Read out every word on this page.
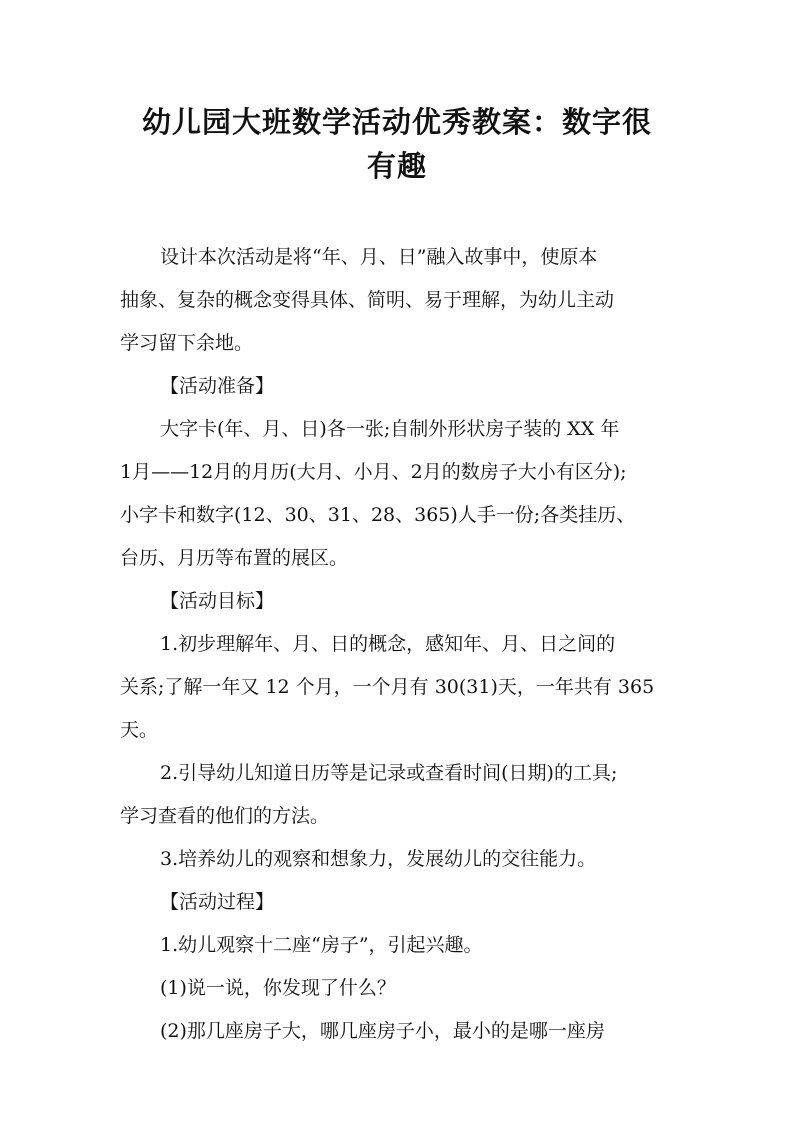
幼儿园大班数学活动优秀教案：数字很
有趣

设计本次活动是将“年、月、日”融入故事中，使原本

抽象、复杂的概念变得具体、简明、易于理解，为幼儿主动

学习留下余地。

【活动准备】

大字卡(年、月、日)各一张;自制外形状房子装的 XX 年

1月——12月的月历(大月、小月、2月的数房子大小有区分);

小字卡和数字(12、30、31、28、365)人手一份;各类挂历、

台历、月历等布置的展区。

【活动目标】

1.初步理解年、月、日的概念，感知年、月、日之间的

关系;了解一年又 12 个月，一个月有 30(31)天，一年共有 365

天。

2.引导幼儿知道日历等是记录或查看时间(日期)的工具;

学习查看的他们的方法。

3.培养幼儿的观察和想象力，发展幼儿的交往能力。

【活动过程】

1.幼儿观察十二座“房子”，引起兴趣。

(1)说一说，你发现了什么？

(2)那几座房子大，哪几座房子小，最小的是哪一座房
